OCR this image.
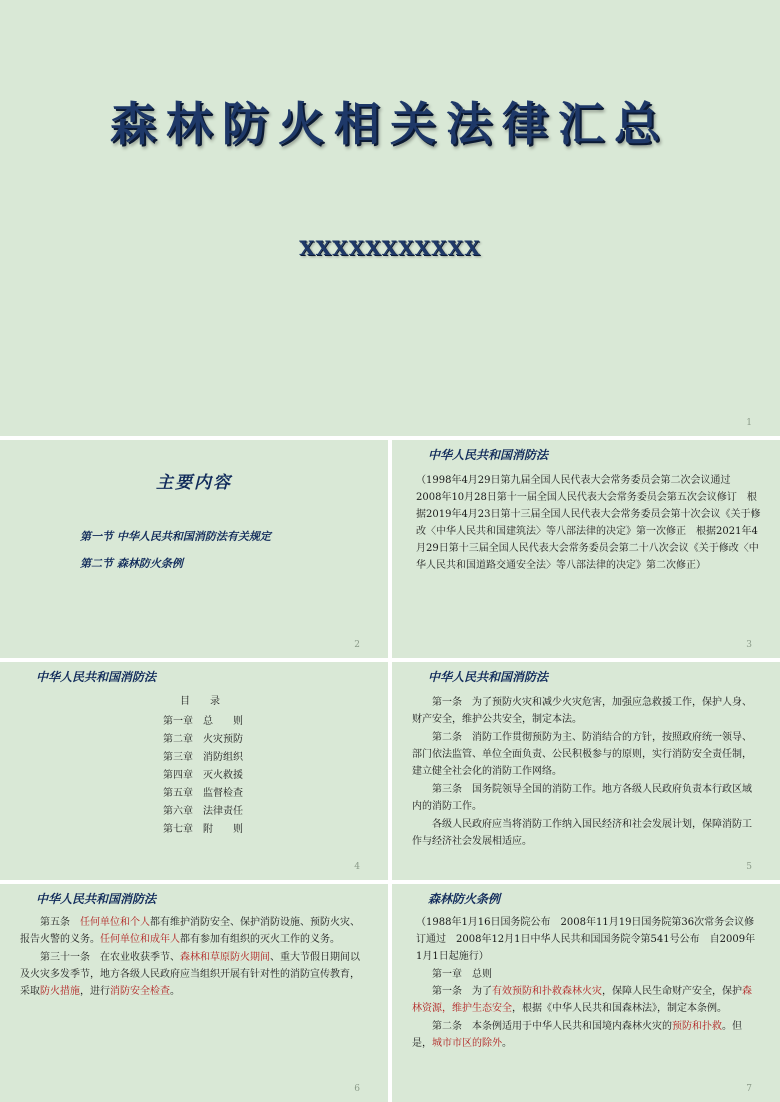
森林防火相关法律汇总
XXXXXXXXXXX
1
主要内容
第一节 中华人民共和国消防法有关规定
第二节 森林防火条例
2
中华人民共和国消防法
（1998年4月29日第九届全国人民代表大会常务委员会第二次会议通过　2008年10月28日第十一届全国人民代表大会常务委员会第五次会议修订　根据2019年4月23日第十三届全国人民代表大会常务委员会第十次会议《关于修改〈中华人民共和国建筑法〉等八部法律的决定》第一次修正　根据2021年4月29日第十三届全国人民代表大会常务委员会第二十八次会议《关于修改〈中华人民共和国道路交通安全法〉等八部法律的决定》第二次修正）
3
中华人民共和国消防法
目　　录
第一章 总　　则
第二章 火灾预防
第三章 消防组织
第四章 灭火救援
第五章 监督检查
第六章 法律责任
第七章 附　　则
4
中华人民共和国消防法
第一条　为了预防火灾和减少火灾危害，加强应急救援工作，保护人身、财产安全，维护公共安全，制定本法。
第二条　消防工作贯彻预防为主、防消结合的方针，按照政府统一领导、部门依法监管、单位全面负责、公民积极参与的原则，实行消防安全责任制，建立健全社会化的消防工作网络。
第三条　国务院领导全国的消防工作。地方各级人民政府负责本行政区域内的消防工作。
各级人民政府应当将消防工作纳入国民经济和社会发展计划，保障消防工作与经济社会发展相适应。
5
中华人民共和国消防法
第五条　任何单位和个人都有维护消防安全、保护消防设施、预防火灾、报告火警的义务。任何单位和成年人都有参加有组织的灭火工作的义务。
第三十一条　在农业收获季节、森林和草原防火期间、重大节假日期间以及火灾多发季节，地方各级人民政府应当组织开展有针对性的消防宣传教育，采取防火措施，进行消防安全检查。
6
森林防火条例
（1988年1月16日国务院公布　2008年11月19日国务院第36次常务会议修订通过　2008年12月1日中华人民共和国国务院令第541号公布　自2009年1月1日起施行）
第一章　总则
第一条　为了有效预防和扑救森林火灾，保障人民生命财产安全，保护森林资源，维护生态安全，根据《中华人民共和国森林法》，制定本条例。
第二条　本条例适用于中华人民共和国境内森林火灾的预防和扑救。但是，城市市区的除外。
7
